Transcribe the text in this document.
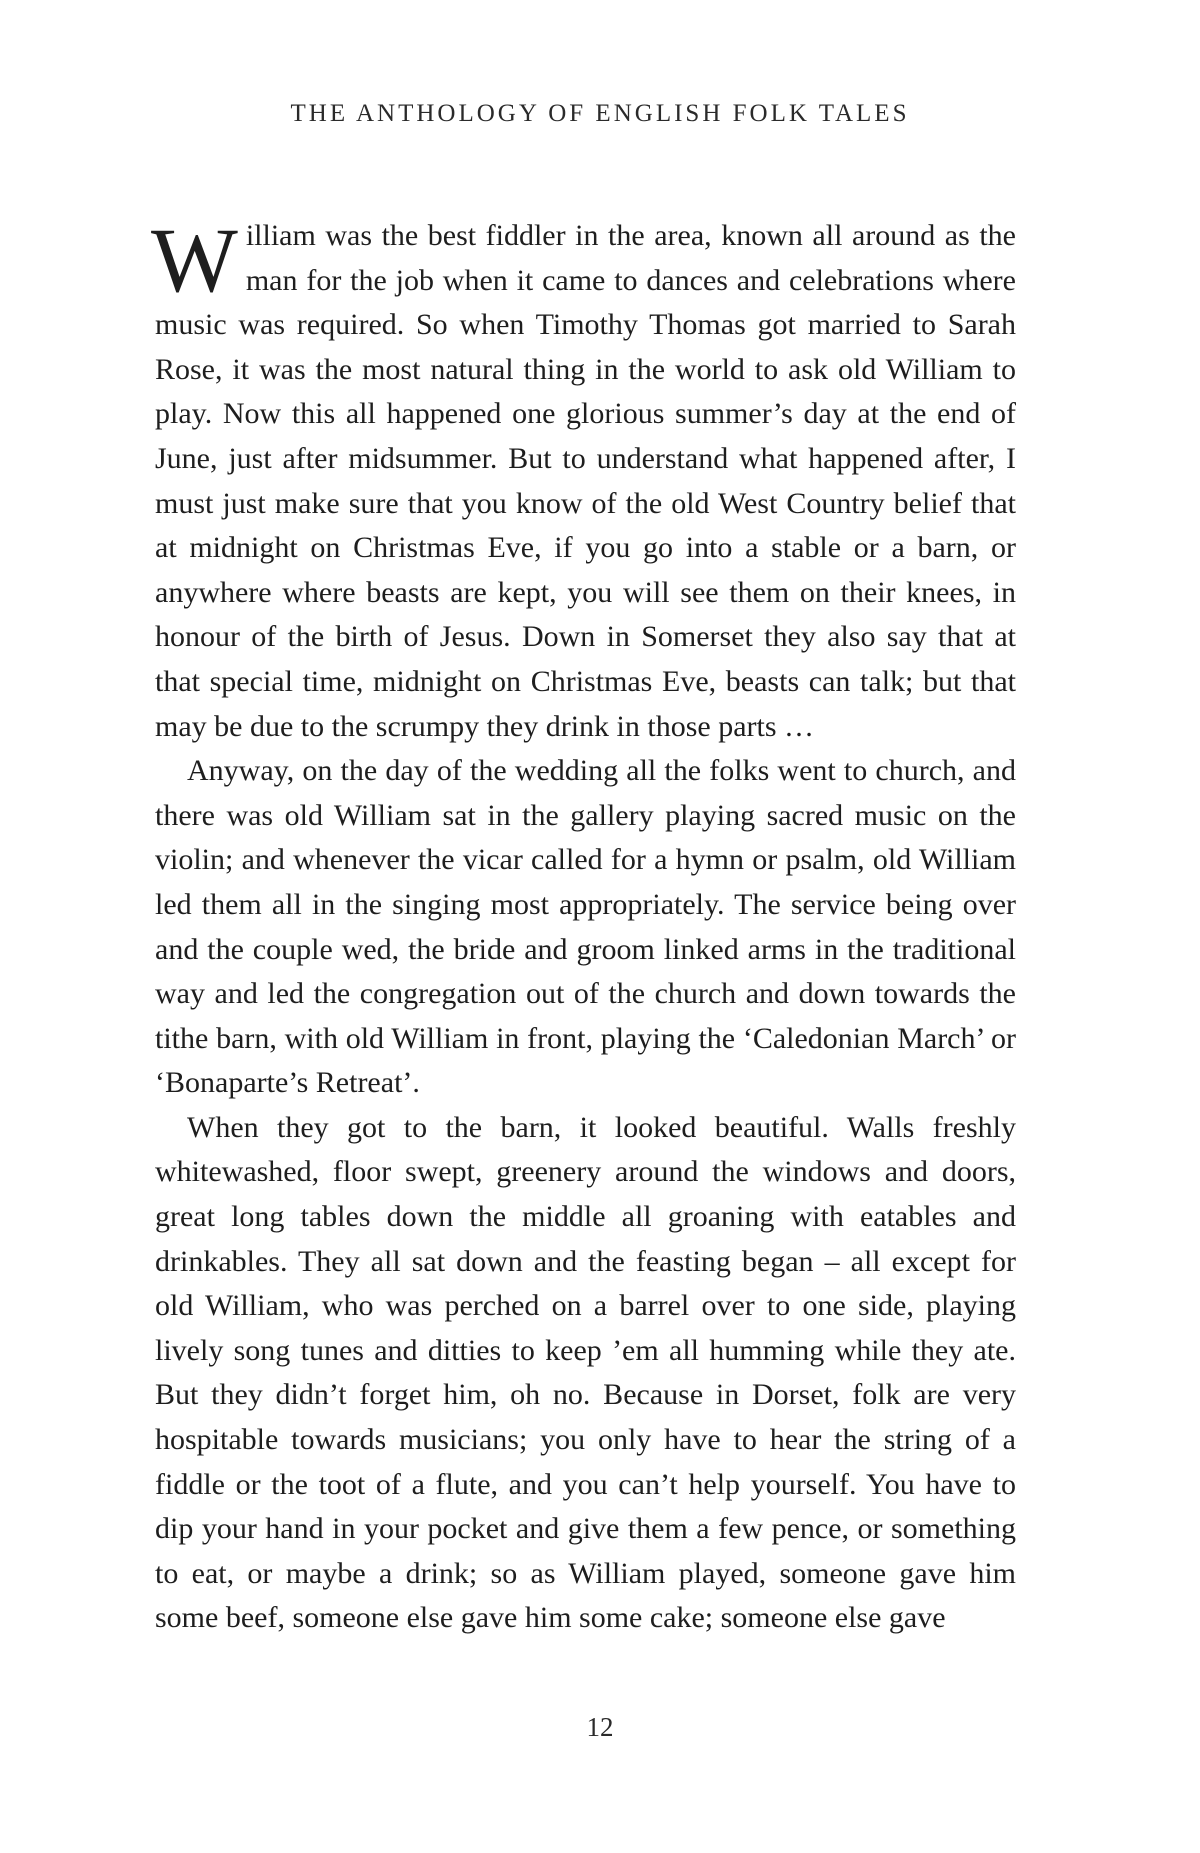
THE ANTHOLOGY OF ENGLISH FOLK TALES

William was the best fiddler in the area, known all around as the man for the job when it came to dances and celebrations where music was required. So when Timothy Thomas got married to Sarah Rose, it was the most natural thing in the world to ask old William to play. Now this all happened one glorious summer’s day at the end of June, just after midsummer. But to understand what happened after, I must just make sure that you know of the old West Country belief that at midnight on Christmas Eve, if you go into a stable or a barn, or anywhere where beasts are kept, you will see them on their knees, in honour of the birth of Jesus. Down in Somerset they also say that at that special time, midnight on Christmas Eve, beasts can talk; but that may be due to the scrumpy they drink in those parts …

Anyway, on the day of the wedding all the folks went to church, and there was old William sat in the gallery playing sacred music on the violin; and whenever the vicar called for a hymn or psalm, old William led them all in the singing most appropriately. The service being over and the couple wed, the bride and groom linked arms in the traditional way and led the congregation out of the church and down towards the tithe barn, with old William in front, playing the ‘Caledonian March’ or ‘Bonaparte’s Retreat’.

When they got to the barn, it looked beautiful. Walls freshly whitewashed, floor swept, greenery around the windows and doors, great long tables down the middle all groaning with eatables and drinkables. They all sat down and the feasting began – all except for old William, who was perched on a barrel over to one side, playing lively song tunes and ditties to keep ’em all humming while they ate. But they didn’t forget him, oh no. Because in Dorset, folk are very hospitable towards musicians; you only have to hear the string of a fiddle or the toot of a flute, and you can’t help yourself. You have to dip your hand in your pocket and give them a few pence, or something to eat, or maybe a drink; so as William played, someone gave him some beef, someone else gave him some cake; someone else gave

12
